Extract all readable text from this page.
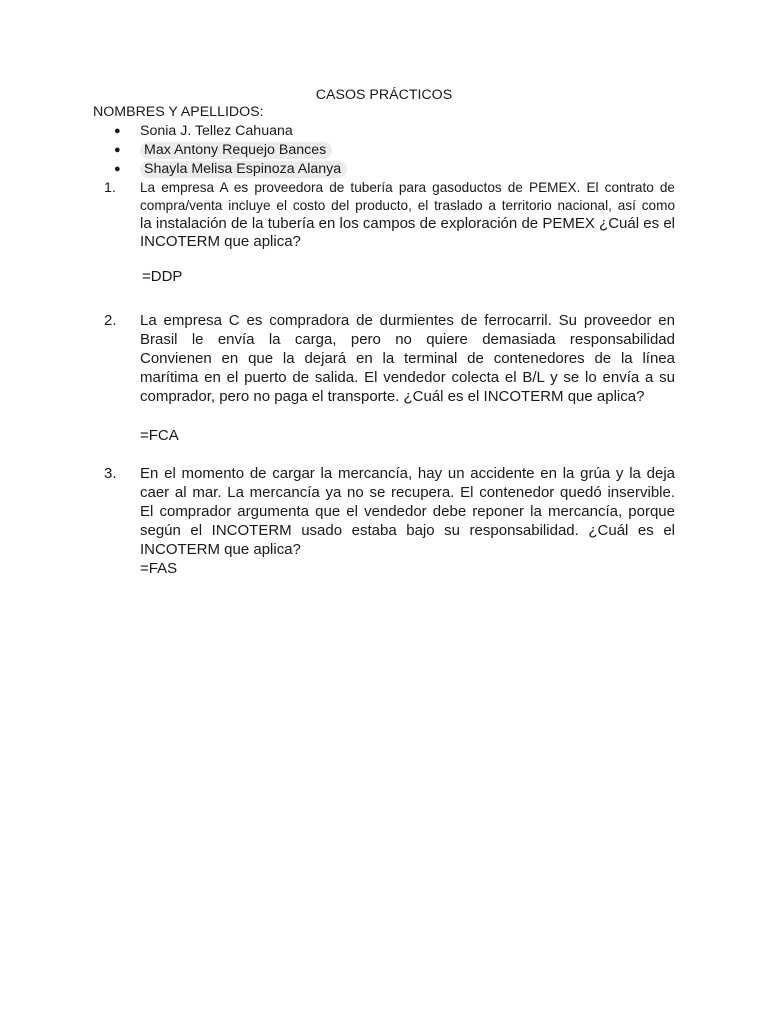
CASOS PRÁCTICOS
NOMBRES Y APELLIDOS:
● Sonia J. Tellez Cahuana
● Max Antony Requejo Bances
● Shayla Melisa Espinoza Alanya
1.	La empresa A es proveedora de tubería para gasoductos de PEMEX. El contrato de
compra/venta incluye el costo del producto, el traslado a territorio nacional, así como
la instalación de la tubería en los campos de exploración de PEMEX ¿Cuál es el
INCOTERM que aplica?
=DDP
2.	La empresa C es compradora de durmientes de ferrocarril. Su proveedor en
Brasil le envía la carga, pero no quiere demasiada responsabilidad
Convienen en que la dejará en la terminal de contenedores de la línea
marítima en el puerto de salida. El vendedor colecta el B/L y se lo envía a su
comprador, pero no paga el transporte. ¿Cuál es el INCOTERM que aplica?
=FCA
3.	En el momento de cargar la mercancía, hay un accidente en la grúa y la deja
caer al mar. La mercancía ya no se recupera. El contenedor quedó inservible.
El comprador argumenta que el vendedor debe reponer la mercancía, porque
según el INCOTERM usado estaba bajo su responsabilidad. ¿Cuál es el
INCOTERM que aplica?
=FAS
